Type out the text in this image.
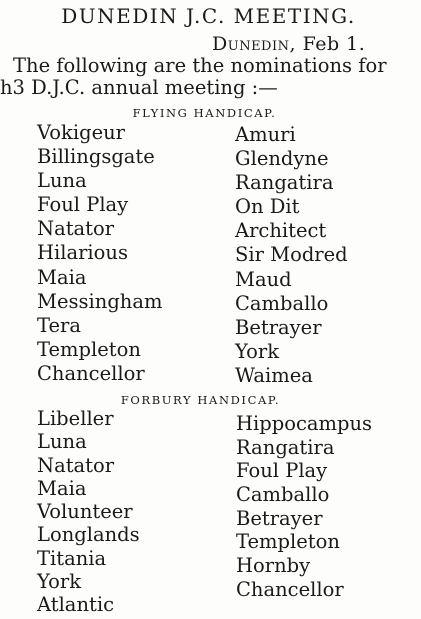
DUNEDIN J.C. MEETING.
Dunedin, Feb 1.
The following are the nominations for
h3 D.J.C. annual meeting :—
FLYING HANDICAP.
Vokigeur
Billingsgate
Luna
Foul Play
Natator
Hilarious
Maia
Messingham
Tera
Templeton
Chancellor
Amuri
Glendyne
Rangatira
On Dit
Architect
Sir Modred
Maud
Camballo
Betrayer
York
Waimea
FORBURY HANDICAP.
Libeller
Luna
Natator
Maia
Volunteer
Longlands
Titania
York
Atlantic
Hippocampus
Rangatira
Foul Play
Camballo
Betrayer
Templeton
Hornby
Chancellor
